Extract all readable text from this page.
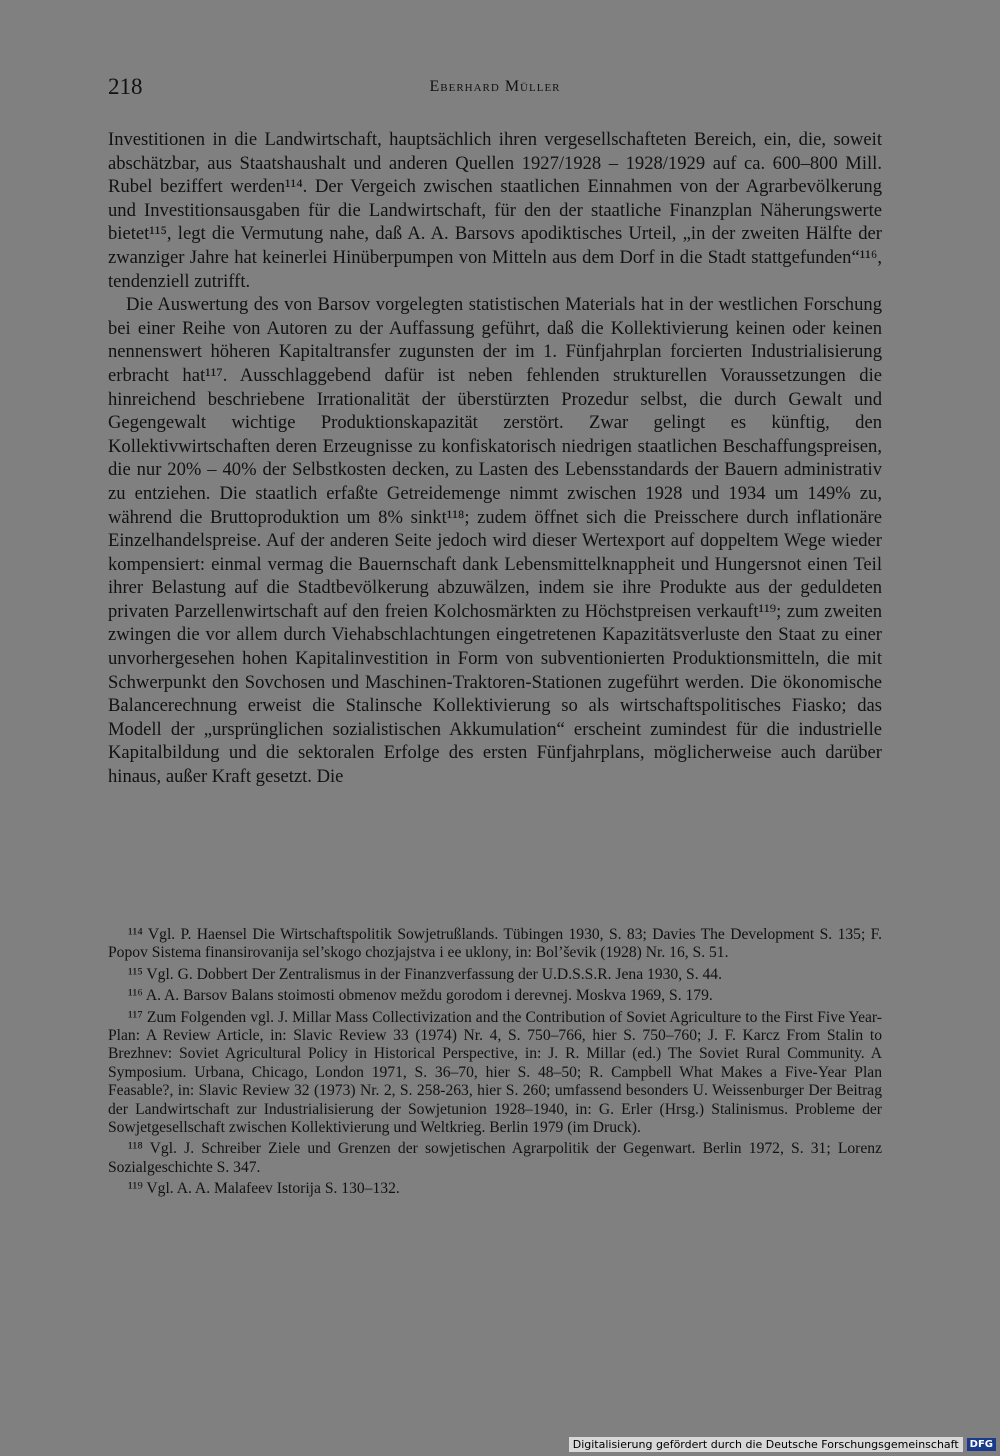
218	Eberhard Müller

Investitionen in die Landwirtschaft, hauptsächlich ihren vergesellschafteten Bereich, ein, die, soweit abschätzbar, aus Staatshaushalt und anderen Quellen 1927/1928 – 1928/1929 auf ca. 600–800 Mill. Rubel beziffert werden¹¹⁴. Der Vergeich zwischen staatlichen Einnahmen von der Agrarbevölkerung und Investitionsausgaben für die Landwirtschaft, für den der staatliche Finanzplan Näherungswerte bietet¹¹⁵, legt die Vermutung nahe, daß A. A. Barsovs apodiktisches Urteil, „in der zweiten Hälfte der zwanziger Jahre hat keinerlei Hinüberpumpen von Mitteln aus dem Dorf in die Stadt stattgefunden“¹¹⁶, tendenziell zutrifft.

Die Auswertung des von Barsov vorgelegten statistischen Materials hat in der westlichen Forschung bei einer Reihe von Autoren zu der Auffassung geführt, daß die Kollektivierung keinen oder keinen nennenswert höheren Kapitaltransfer zugunsten der im 1. Fünfjahrplan forcierten Industrialisierung erbracht hat¹¹⁷. Ausschlaggebend dafür ist neben fehlenden strukturellen Voraussetzungen die hinreichend beschriebene Irrationalität der überstürzten Prozedur selbst, die durch Gewalt und Gegengewalt wichtige Produktionskapazität zerstört. Zwar gelingt es künftig, den Kollektivwirtschaften deren Erzeugnisse zu konfiskatorisch niedrigen staatlichen Beschaffungspreisen, die nur 20% – 40% der Selbstkosten decken, zu Lasten des Lebensstandards der Bauern administrativ zu entziehen. Die staatlich erfaßte Getreidemenge nimmt zwischen 1928 und 1934 um 149% zu, während die Bruttoproduktion um 8% sinkt¹¹⁸; zudem öffnet sich die Preisschere durch inflationäre Einzelhandelspreise. Auf der anderen Seite jedoch wird dieser Wertexport auf doppeltem Wege wieder kompensiert: einmal vermag die Bauernschaft dank Lebensmittelknappheit und Hungersnot einen Teil ihrer Belastung auf die Stadtbevölkerung abzuwälzen, indem sie ihre Produkte aus der geduldeten privaten Parzellenwirtschaft auf den freien Kolchosmärkten zu Höchstpreisen verkauft¹¹⁹; zum zweiten zwingen die vor allem durch Viehabschlachtungen eingetretenen Kapazitätsverluste den Staat zu einer unvorhergesehen hohen Kapitalinvestition in Form von subventionierten Produktionsmitteln, die mit Schwerpunkt den Sovchosen und Maschinen-Traktoren-Stationen zugeführt werden. Die ökonomische Balancerechnung erweist die Stalinsche Kollektivierung so als wirtschaftspolitisches Fiasko; das Modell der „ursprünglichen sozialistischen Akkumulation“ erscheint zumindest für die industrielle Kapitalbildung und die sektoralen Erfolge des ersten Fünfjahrplans, möglicherweise auch darüber hinaus, außer Kraft gesetzt. Die

¹¹⁴ Vgl. P. Haensel Die Wirtschaftspolitik Sowjetrußlands. Tübingen 1930, S. 83; Davies The Development S. 135; F. Popov Sistema finansirovanija sel’skogo chozjajstva i ee uklony, in: Bol’ševik (1928) Nr. 16, S. 51.

¹¹⁵ Vgl. G. Dobbert Der Zentralismus in der Finanzverfassung der U.D.S.S.R. Jena 1930, S. 44.

¹¹⁶ A. A. Barsov Balans stoimosti obmenov meždu gorodom i derevnej. Moskva 1969, S. 179.

¹¹⁷ Zum Folgenden vgl. J. Millar Mass Collectivization and the Contribution of Soviet Agriculture to the First Five Year-Plan: A Review Article, in: Slavic Review 33 (1974) Nr. 4, S. 750–766, hier S. 750–760; J. F. Karcz From Stalin to Brezhnev: Soviet Agricultural Policy in Historical Perspective, in: J. R. Millar (ed.) The Soviet Rural Community. A Symposium. Urbana, Chicago, London 1971, S. 36–70, hier S. 48–50; R. Campbell What Makes a Five-Year Plan Feasable?, in: Slavic Review 32 (1973) Nr. 2, S. 258-263, hier S. 260; umfassend besonders U. Weissenburger Der Beitrag der Landwirtschaft zur Industrialisierung der Sowjetunion 1928–1940, in: G. Erler (Hrsg.) Stalinismus. Probleme der Sowjetgesellschaft zwischen Kollektivierung und Weltkrieg. Berlin 1979 (im Druck).

¹¹⁸ Vgl. J. Schreiber Ziele und Grenzen der sowjetischen Agrarpolitik der Gegenwart. Berlin 1972, S. 31; Lorenz Sozialgeschichte S. 347.

¹¹⁹ Vgl. A. A. Malafeev Istorija S. 130–132.

Digitalisierung gefördert durch die Deutsche Forschungsgemeinschaft	DFG
